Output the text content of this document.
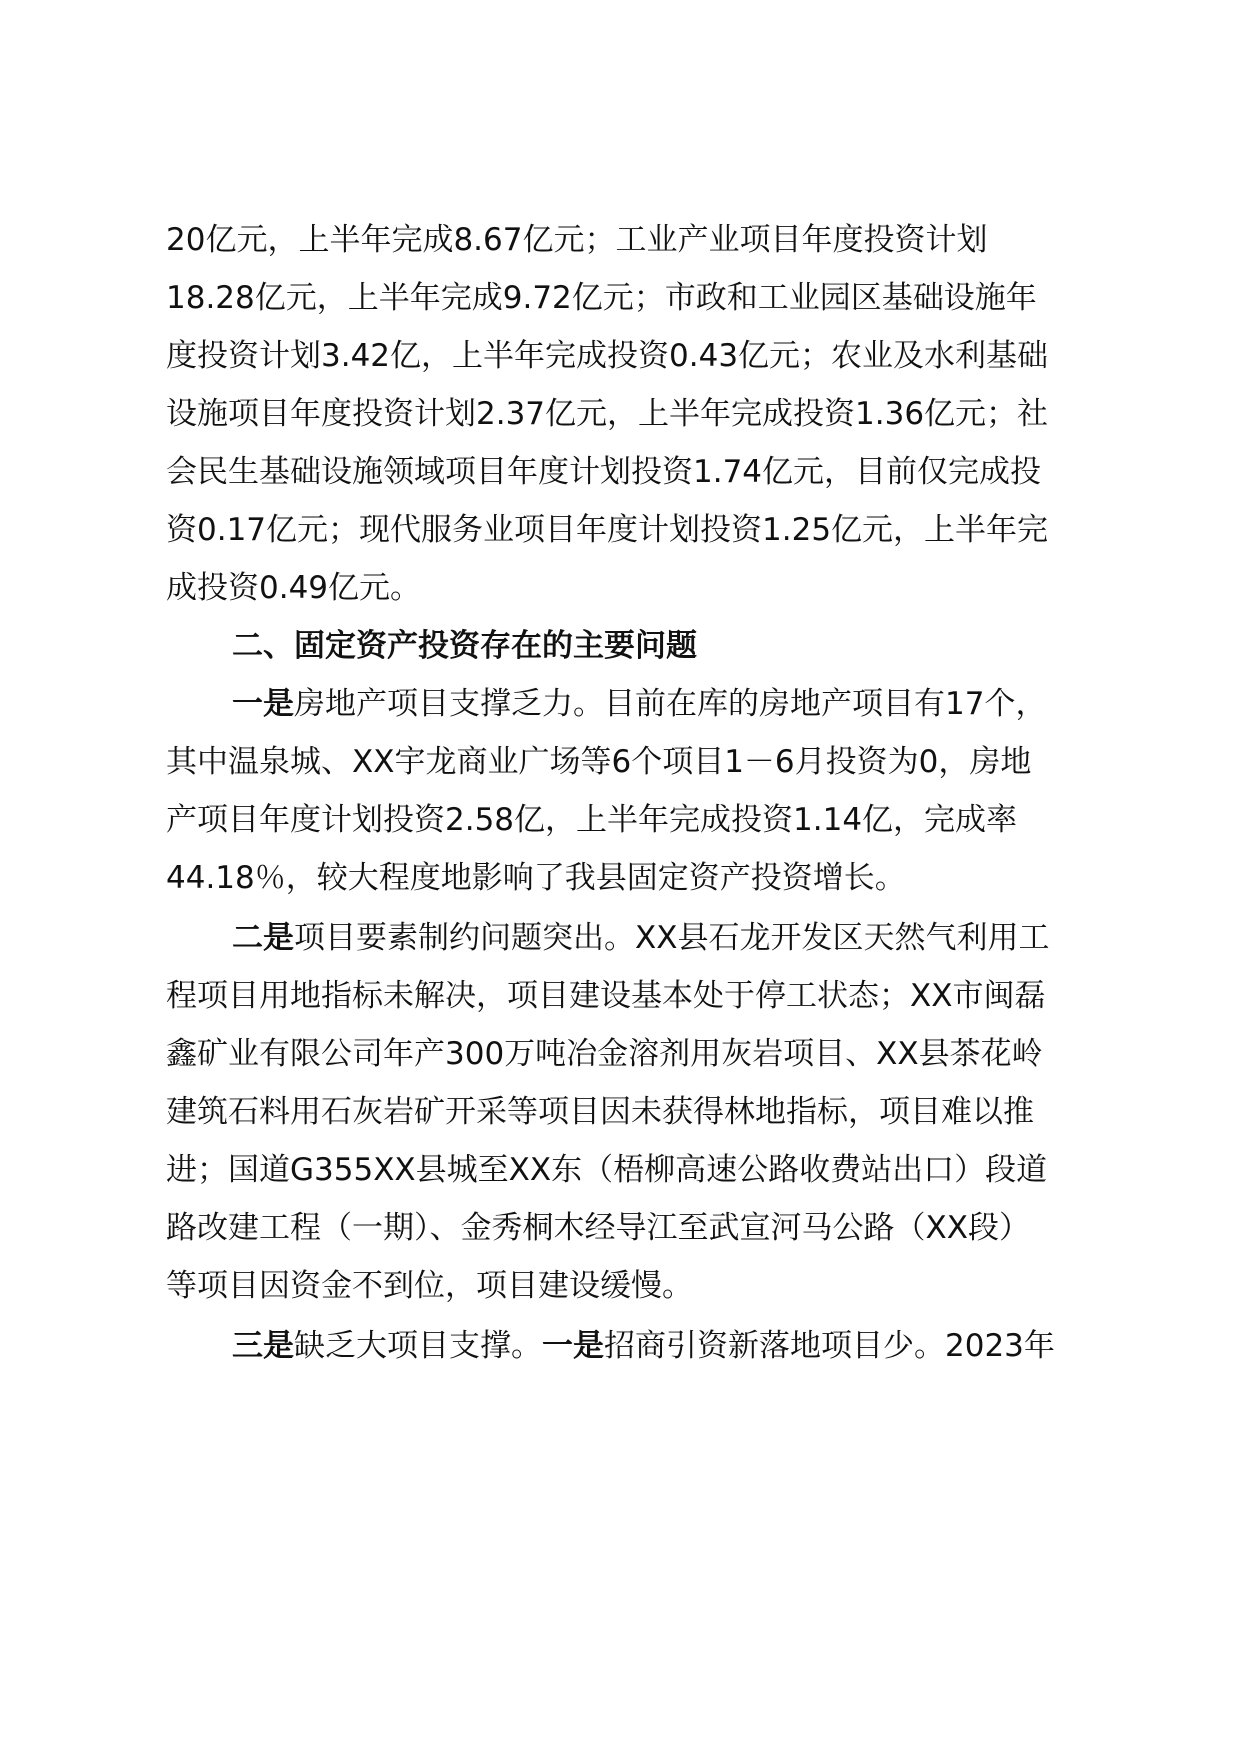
20亿元，上半年完成8.67亿元；工业产业项目年度投资计划
18.28亿元，上半年完成9.72亿元；市政和工业园区基础设施年
度投资计划3.42亿，上半年完成投资0.43亿元；农业及水利基础
设施项目年度投资计划2.37亿元，上半年完成投资1.36亿元；社
会民生基础设施领域项目年度计划投资1.74亿元，目前仅完成投
资0.17亿元；现代服务业项目年度计划投资1.25亿元，上半年完
成投资0.49亿元。
二、固定资产投资存在的主要问题
一是房地产项目支撑乏力。目前在库的房地产项目有17个，
其中温泉城、XX宇龙商业广场等6个项目1－6月投资为0，房地
产项目年度计划投资2.58亿，上半年完成投资1.14亿，完成率
44.18％，较大程度地影响了我县固定资产投资增长。
二是项目要素制约问题突出。XX县石龙开发区天然气利用工
程项目用地指标未解决，项目建设基本处于停工状态；XX市闽磊
鑫矿业有限公司年产300万吨冶金溶剂用灰岩项目、XX县茶花岭
建筑石料用石灰岩矿开采等项目因未获得林地指标，项目难以推
进；国道G355XX县城至XX东（梧柳高速公路收费站出口）段道
路改建工程（一期）、金秀桐木经导江至武宣河马公路（XX段）
等项目因资金不到位，项目建设缓慢。
三是缺乏大项目支撑。一是招商引资新落地项目少。2023年
